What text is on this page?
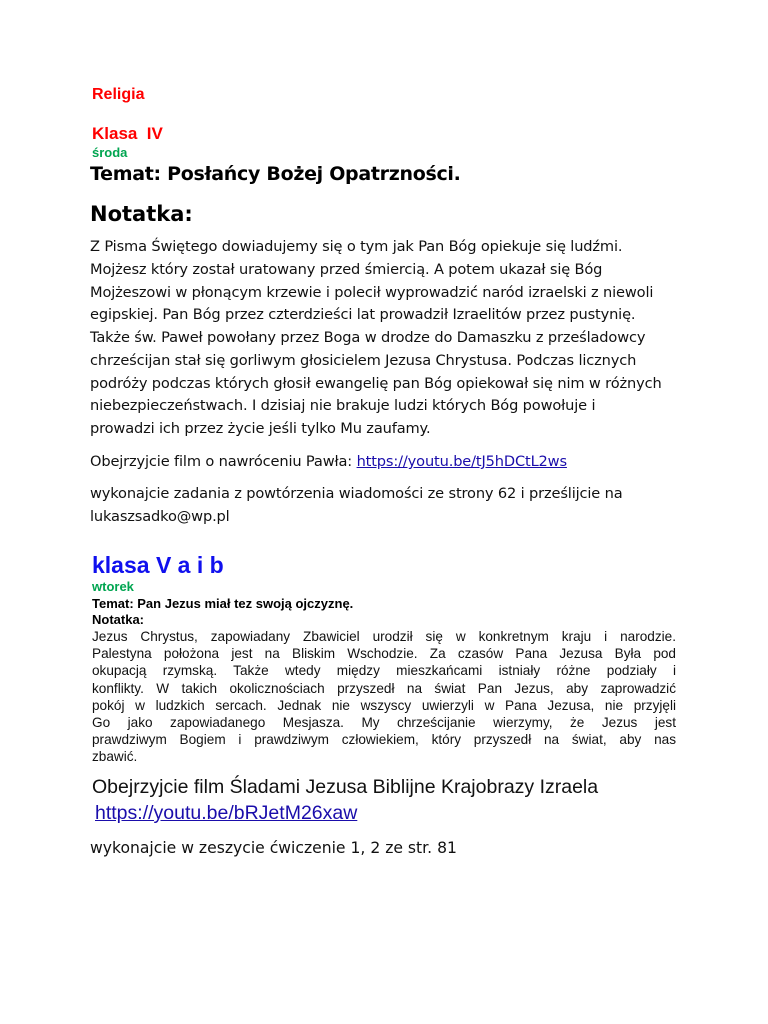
Religia
Klasa  IV
środa
Temat: Posłańcy Bożej Opatrzności.
Notatka:
Z Pisma Świętego dowiadujemy się o tym jak Pan Bóg opiekuje się ludźmi.
Mojżesz który został uratowany przed śmiercią. A potem ukazał się Bóg
Mojżeszowi w płonącym krzewie i polecił wyprowadzić naród izraelski z niewoli
egipskiej. Pan Bóg przez czterdzieści lat prowadził Izraelitów przez pustynię.
Także św. Paweł powołany przez Boga w drodze do Damaszku z prześladowcy
chrześcijan stał się gorliwym głosicielem Jezusa Chrystusa. Podczas licznych
podróży podczas których głosił ewangelię pan Bóg opiekował się nim w różnych
niebezpieczeństwach. I dzisiaj nie brakuje ludzi których Bóg powołuje i
prowadzi ich przez życie jeśli tylko Mu zaufamy.
Obejrzyjcie film o nawróceniu Pawła: https://youtu.be/tJ5hDCtL2ws
wykonajcie zadania z powtórzenia wiadomości ze strony 62 i prześlijcie na
lukaszsadko@wp.pl
klasa V a i b
wtorek
Temat: Pan Jezus miał tez swoją ojczyznę.
Notatka:
Jezus Chrystus, zapowiadany Zbawiciel urodził się w konkretnym kraju i narodzie.
Palestyna położona jest na Bliskim Wschodzie. Za czasów Pana Jezusa Była pod
okupacją rzymską. Także wtedy między mieszkańcami istniały różne podziały i
konflikty. W takich okolicznościach przyszedł na świat Pan Jezus, aby zaprowadzić
pokój w ludzkich sercach. Jednak nie wszyscy uwierzyli w Pana Jezusa, nie przyjęli
Go jako zapowiadanego Mesjasza. My chrześcijanie wierzymy, że Jezus jest
prawdziwym Bogiem i prawdziwym człowiekiem, który przyszedł na świat, aby nas
zbawić.
Obejrzyjcie film Śladami Jezusa Biblijne Krajobrazy Izraela
https://youtu.be/bRJetM26xaw
wykonajcie w zeszycie ćwiczenie 1, 2 ze str. 81
